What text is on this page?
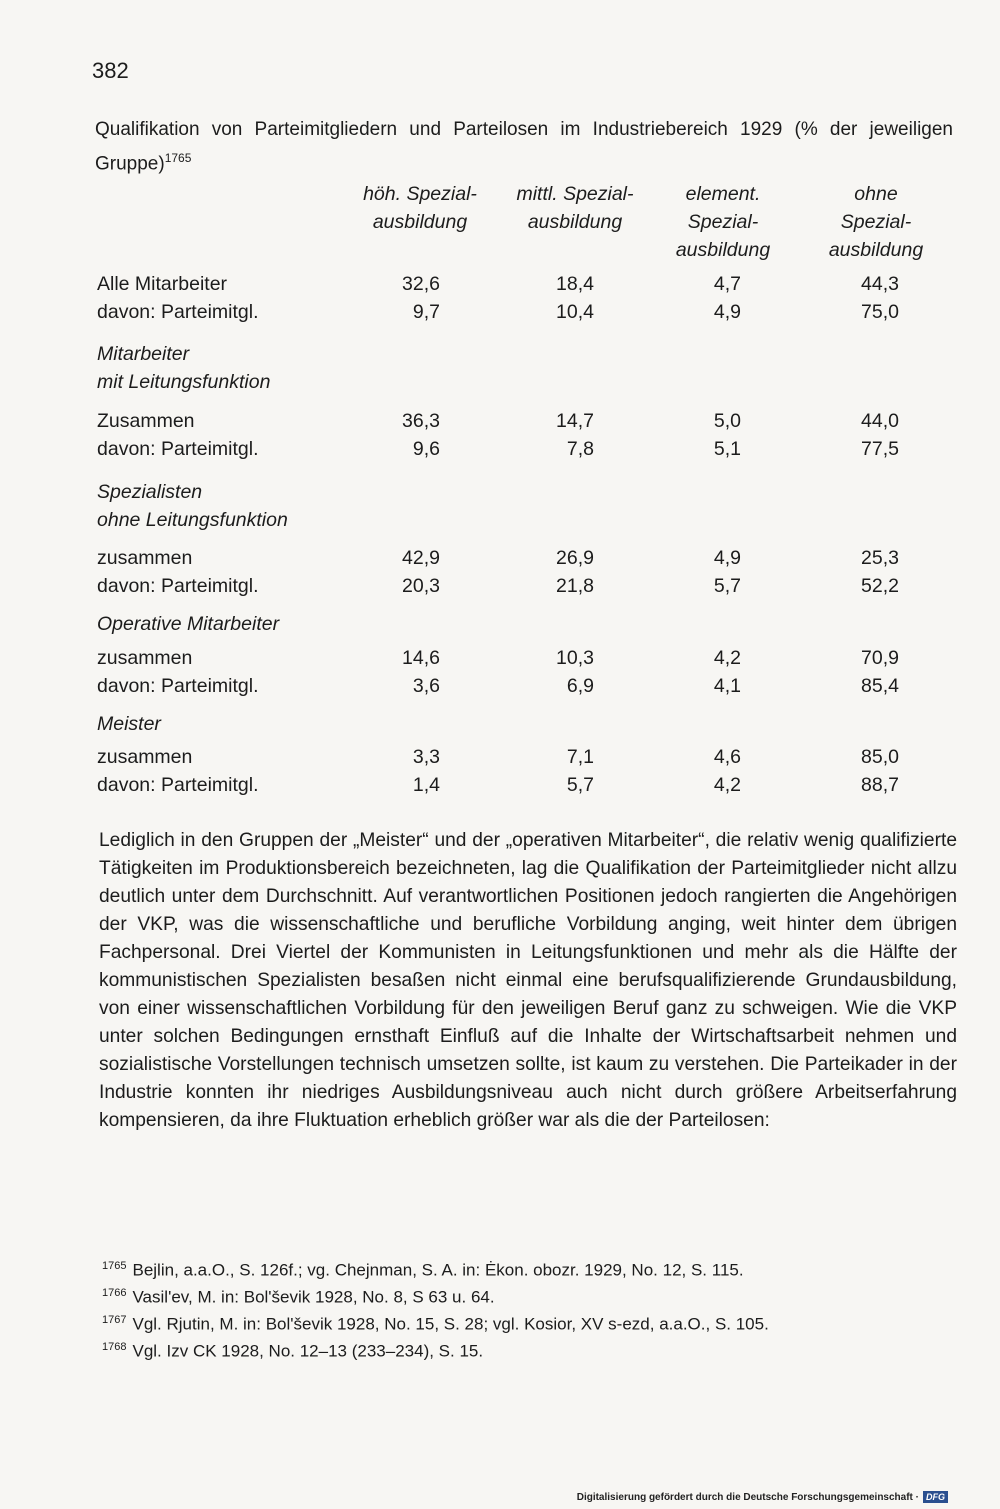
382
Qualifikation von Parteimitgliedern und Parteilosen im Industriebereich 1929 (% der jeweiligen Gruppe)$^{1765}$
höh. Spezial-
ausbildung
mittl. Spezial-
ausbildung
element.
Spezial-
ausbildung
ohne
Spezial-
ausbildung
Alle Mitarbeiter	32,6	18,4	4,7	44,3
davon: Parteimitgl.	9,7	10,4	4,9	75,0
Mitarbeiter
mit Leitungsfunktion
Zusammen	36,3	14,7	5,0	44,0
davon: Parteimitgl.	9,6	7,8	5,1	77,5
Spezialisten
ohne Leitungsfunktion
zusammen	42,9	26,9	4,9	25,3
davon: Parteimitgl.	20,3	21,8	5,7	52,2
Operative Mitarbeiter
zusammen	14,6	10,3	4,2	70,9
davon: Parteimitgl.	3,6	6,9	4,1	85,4
Meister
zusammen	3,3	7,1	4,6	85,0
davon: Parteimitgl.	1,4	5,7	4,2	88,7
Lediglich in den Gruppen der „Meister“ und der „operativen Mitarbeiter“, die relativ wenig qualifizierte Tätigkeiten im Produktionsbereich bezeichneten, lag die Qualifikation der Parteimitglieder nicht allzu deutlich unter dem Durchschnitt. Auf verantwortlichen Positionen jedoch rangierten die Angehörigen der VKP, was die wissenschaftliche und berufliche Vorbildung anging, weit hinter dem übrigen Fachpersonal. Drei Viertel der Kommunisten in Leitungsfunktionen und mehr als die Hälfte der kommunistischen Spezialisten besaßen nicht einmal eine berufsqualifizierende Grundausbildung, von einer wissenschaftlichen Vorbildung für den jeweiligen Beruf ganz zu schweigen. Wie die VKP unter solchen Bedingungen ernsthaft Einfluß auf die Inhalte der Wirtschaftsarbeit nehmen und sozialistische Vorstellungen technisch umsetzen sollte, ist kaum zu verstehen. Die Parteikader in der Industrie konnten ihr niedriges Ausbildungsniveau auch nicht durch größere Arbeitserfahrung kompensieren, da ihre Fluktuation erheblich größer war als die der Parteilosen:
$^{1765}$ Bejlin, a.a.O., S. 126f.; vg. Chejnman, S. A. in: Ėkon. obozr. 1929, No. 12, S. 115.
$^{1766}$ Vasil'ev, M. in: Bol'ševik 1928, No. 8, S 63 u. 64.
$^{1767}$ Vgl. Rjutin, M. in: Bol'ševik 1928, No. 15, S. 28; vgl. Kosior, XV s-ezd, a.a.O., S. 105.
$^{1768}$ Vgl. Izv CK 1928, No. 12–13 (233–234), S. 15.
Digitalisierung gefördert durch die Deutsche Forschungsgemeinschaft · DFG
